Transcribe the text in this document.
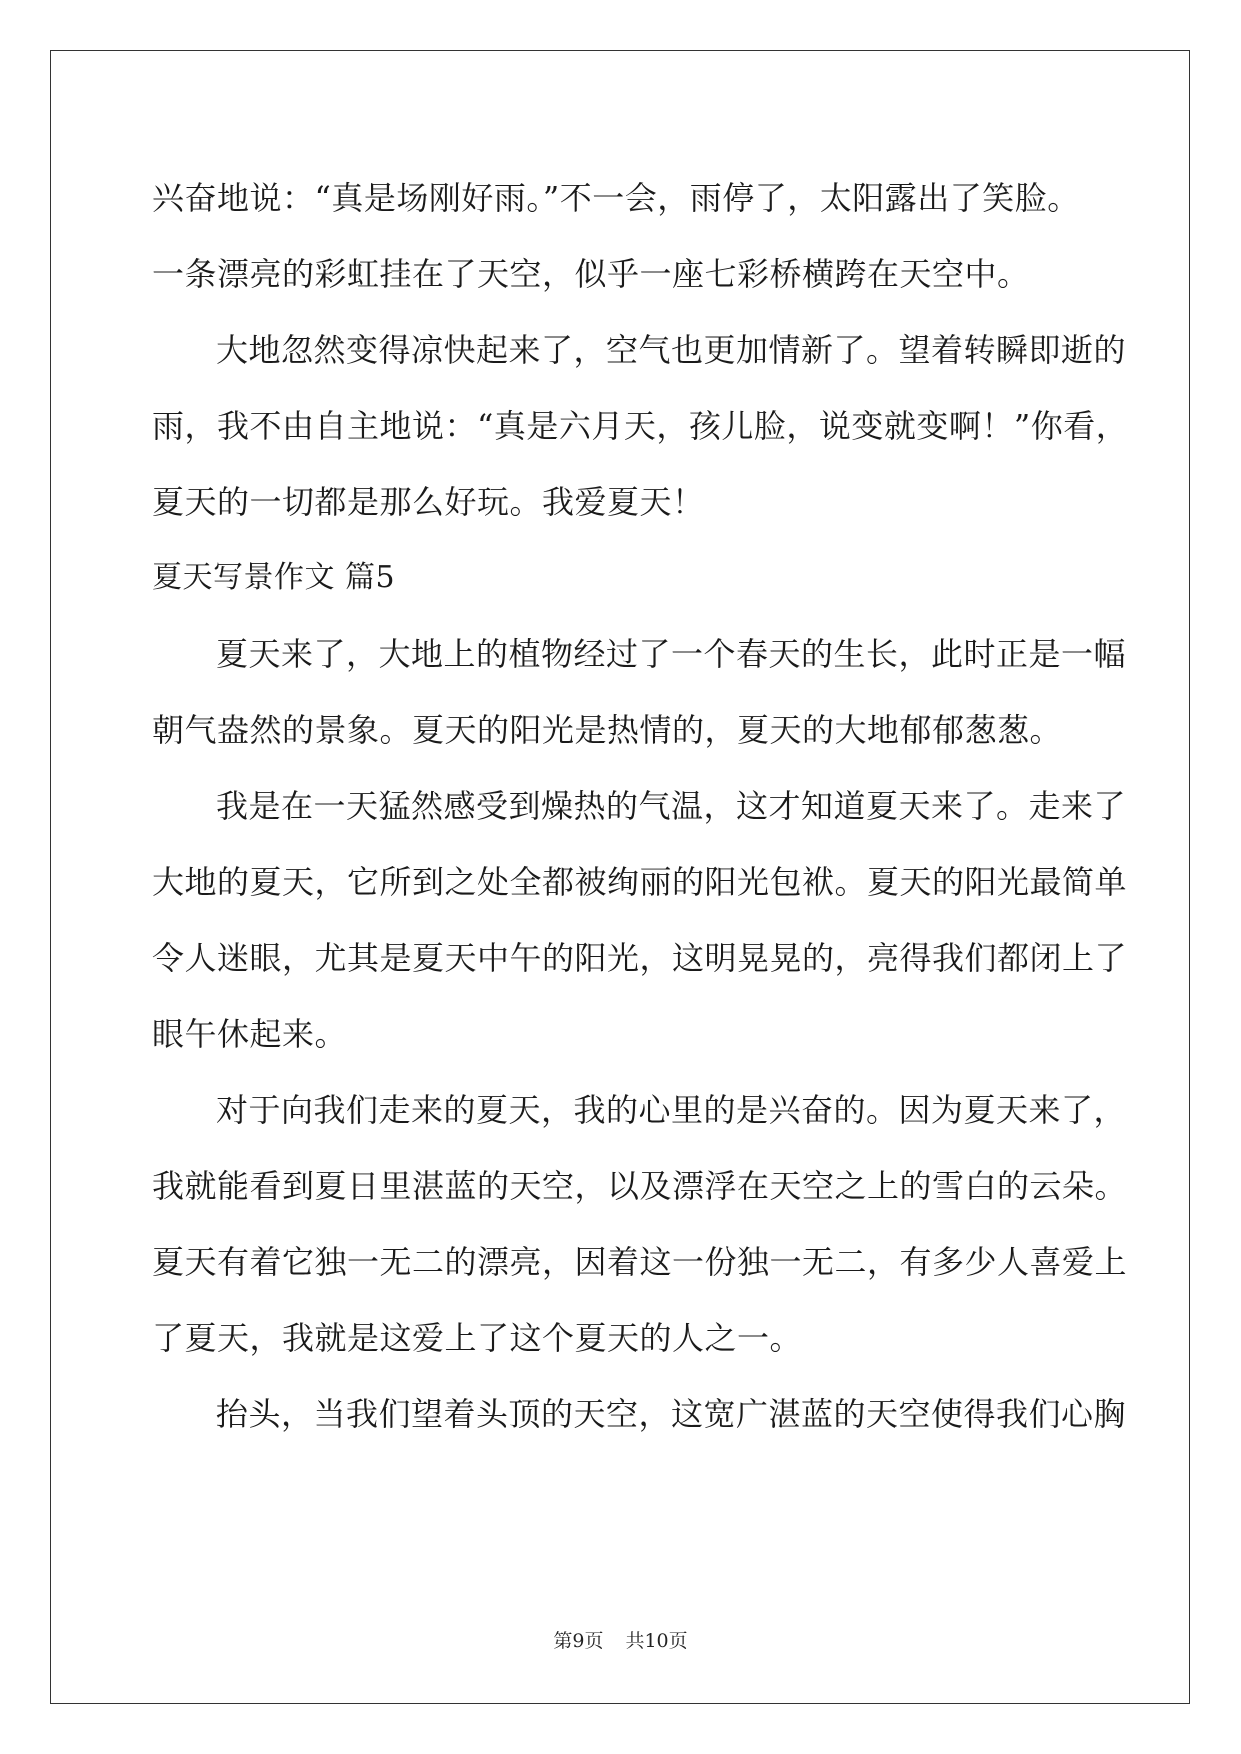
兴奋地说：“真是场刚好雨。”不一会，雨停了，太阳露出了笑脸。
一条漂亮的彩虹挂在了天空，似乎一座七彩桥横跨在天空中。
大地忽然变得凉快起来了，空气也更加情新了。望着转瞬即逝的
雨，我不由自主地说：“真是六月天，孩儿脸，说变就变啊！”你看，
夏天的一切都是那么好玩。我爱夏天！
夏天写景作文 篇5
夏天来了，大地上的植物经过了一个春天的生长，此时正是一幅
朝气盎然的景象。夏天的阳光是热情的，夏天的大地郁郁葱葱。
我是在一天猛然感受到燥热的气温，这才知道夏天来了。走来了
大地的夏天，它所到之处全都被绚丽的阳光包袱。夏天的阳光最简单
令人迷眼，尤其是夏天中午的阳光，这明晃晃的，亮得我们都闭上了
眼午休起来。
对于向我们走来的夏天，我的心里的是兴奋的。因为夏天来了，
我就能看到夏日里湛蓝的天空，以及漂浮在天空之上的雪白的云朵。
夏天有着它独一无二的漂亮，因着这一份独一无二，有多少人喜爱上
了夏天，我就是这爱上了这个夏天的人之一。
抬头，当我们望着头顶的天空，这宽广湛蓝的天空使得我们心胸
第9页 共10页
